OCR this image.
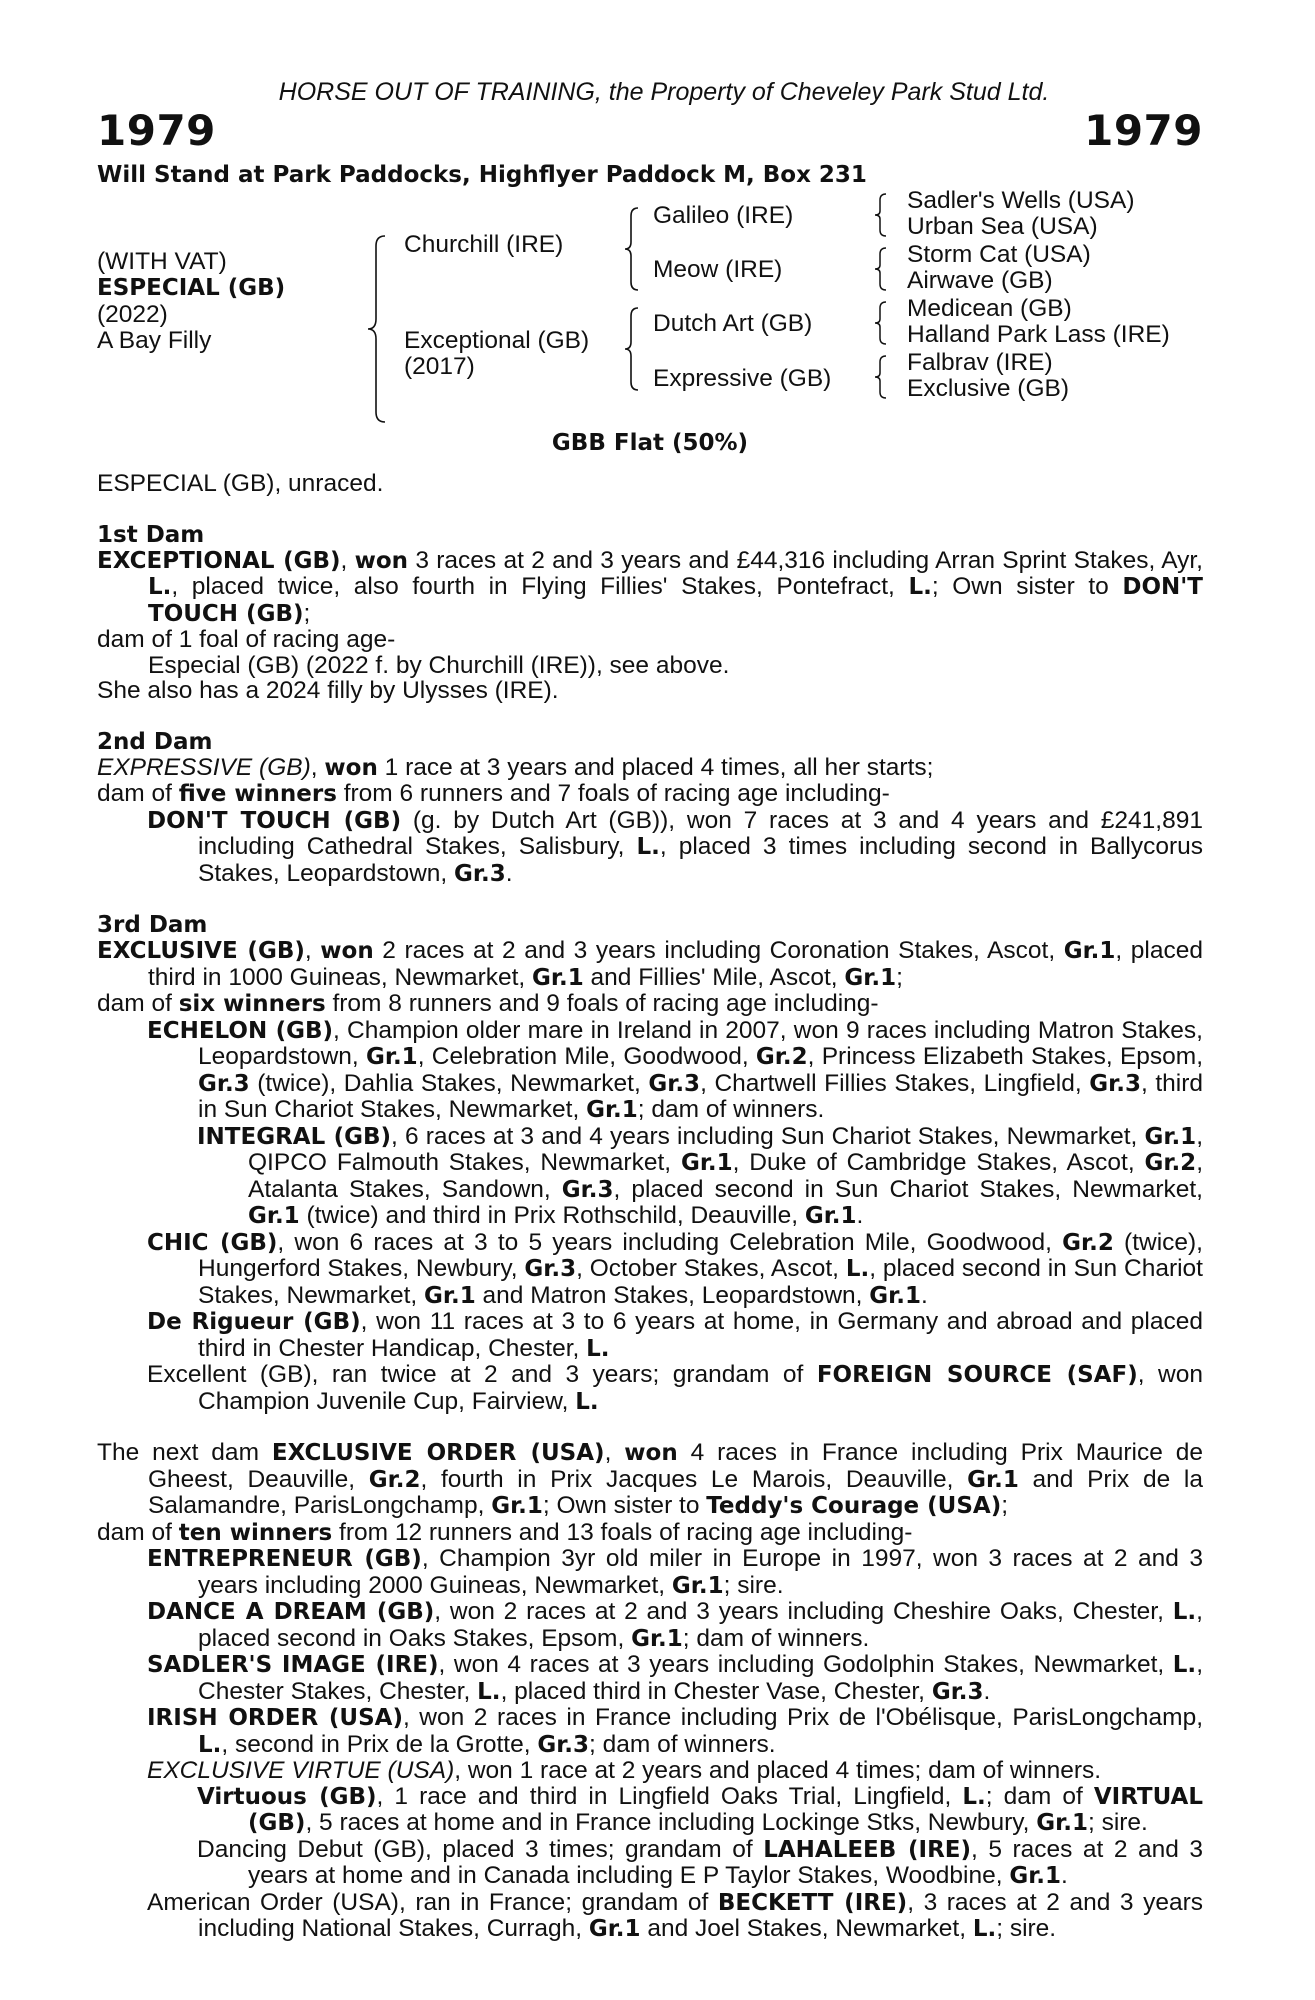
HORSE OUT OF TRAINING, the Property of Cheveley Park Stud Ltd.
1979	1979
Will Stand at Park Paddocks, Highflyer Paddock M, Box 231
(WITH VAT)
ESPECIAL (GB)
(2022)
A Bay Filly
Churchill (IRE)
Exceptional (GB)
(2017)
Galileo (IRE)
Meow (IRE)
Dutch Art (GB)
Expressive (GB)
Sadler's Wells (USA)
Urban Sea (USA)
Storm Cat (USA)
Airwave (GB)
Medicean (GB)
Halland Park Lass (IRE)
Falbrav (IRE)
Exclusive (GB)
GBB Flat (50%)
ESPECIAL (GB), unraced.
1st Dam
EXCEPTIONAL (GB), won 3 races at 2 and 3 years and £44,316 including Arran Sprint Stakes, Ayr, L., placed twice, also fourth in Flying Fillies' Stakes, Pontefract, L.; Own sister to DON'T TOUCH (GB);
dam of 1 foal of racing age-
Especial (GB) (2022 f. by Churchill (IRE)), see above.
She also has a 2024 filly by Ulysses (IRE).
2nd Dam
EXPRESSIVE (GB), won 1 race at 3 years and placed 4 times, all her starts;
dam of five winners from 6 runners and 7 foals of racing age including-
DON'T TOUCH (GB) (g. by Dutch Art (GB)), won 7 races at 3 and 4 years and £241,891 including Cathedral Stakes, Salisbury, L., placed 3 times including second in Ballycorus Stakes, Leopardstown, Gr.3.
3rd Dam
EXCLUSIVE (GB), won 2 races at 2 and 3 years including Coronation Stakes, Ascot, Gr.1, placed third in 1000 Guineas, Newmarket, Gr.1 and Fillies' Mile, Ascot, Gr.1;
dam of six winners from 8 runners and 9 foals of racing age including-
ECHELON (GB), Champion older mare in Ireland in 2007, won 9 races including Matron Stakes, Leopardstown, Gr.1, Celebration Mile, Goodwood, Gr.2, Princess Elizabeth Stakes, Epsom, Gr.3 (twice), Dahlia Stakes, Newmarket, Gr.3, Chartwell Fillies Stakes, Lingfield, Gr.3, third in Sun Chariot Stakes, Newmarket, Gr.1; dam of winners.
INTEGRAL (GB), 6 races at 3 and 4 years including Sun Chariot Stakes, Newmarket, Gr.1, QIPCO Falmouth Stakes, Newmarket, Gr.1, Duke of Cambridge Stakes, Ascot, Gr.2, Atalanta Stakes, Sandown, Gr.3, placed second in Sun Chariot Stakes, Newmarket, Gr.1 (twice) and third in Prix Rothschild, Deauville, Gr.1.
CHIC (GB), won 6 races at 3 to 5 years including Celebration Mile, Goodwood, Gr.2 (twice), Hungerford Stakes, Newbury, Gr.3, October Stakes, Ascot, L., placed second in Sun Chariot Stakes, Newmarket, Gr.1 and Matron Stakes, Leopardstown, Gr.1.
De Rigueur (GB), won 11 races at 3 to 6 years at home, in Germany and abroad and placed third in Chester Handicap, Chester, L.
Excellent (GB), ran twice at 2 and 3 years; grandam of FOREIGN SOURCE (SAF), won Champion Juvenile Cup, Fairview, L.
The next dam EXCLUSIVE ORDER (USA), won 4 races in France including Prix Maurice de Gheest, Deauville, Gr.2, fourth in Prix Jacques Le Marois, Deauville, Gr.1 and Prix de la Salamandre, ParisLongchamp, Gr.1; Own sister to Teddy's Courage (USA);
dam of ten winners from 12 runners and 13 foals of racing age including-
ENTREPRENEUR (GB), Champion 3yr old miler in Europe in 1997, won 3 races at 2 and 3 years including 2000 Guineas, Newmarket, Gr.1; sire.
DANCE A DREAM (GB), won 2 races at 2 and 3 years including Cheshire Oaks, Chester, L., placed second in Oaks Stakes, Epsom, Gr.1; dam of winners.
SADLER'S IMAGE (IRE), won 4 races at 3 years including Godolphin Stakes, Newmarket, L., Chester Stakes, Chester, L., placed third in Chester Vase, Chester, Gr.3.
IRISH ORDER (USA), won 2 races in France including Prix de l'Obélisque, ParisLongchamp, L., second in Prix de la Grotte, Gr.3; dam of winners.
EXCLUSIVE VIRTUE (USA), won 1 race at 2 years and placed 4 times; dam of winners.
Virtuous (GB), 1 race and third in Lingfield Oaks Trial, Lingfield, L.; dam of VIRTUAL (GB), 5 races at home and in France including Lockinge Stks, Newbury, Gr.1; sire.
Dancing Debut (GB), placed 3 times; grandam of LAHALEEB (IRE), 5 races at 2 and 3 years at home and in Canada including E P Taylor Stakes, Woodbine, Gr.1.
American Order (USA), ran in France; grandam of BECKETT (IRE), 3 races at 2 and 3 years including National Stakes, Curragh, Gr.1 and Joel Stakes, Newmarket, L.; sire.
